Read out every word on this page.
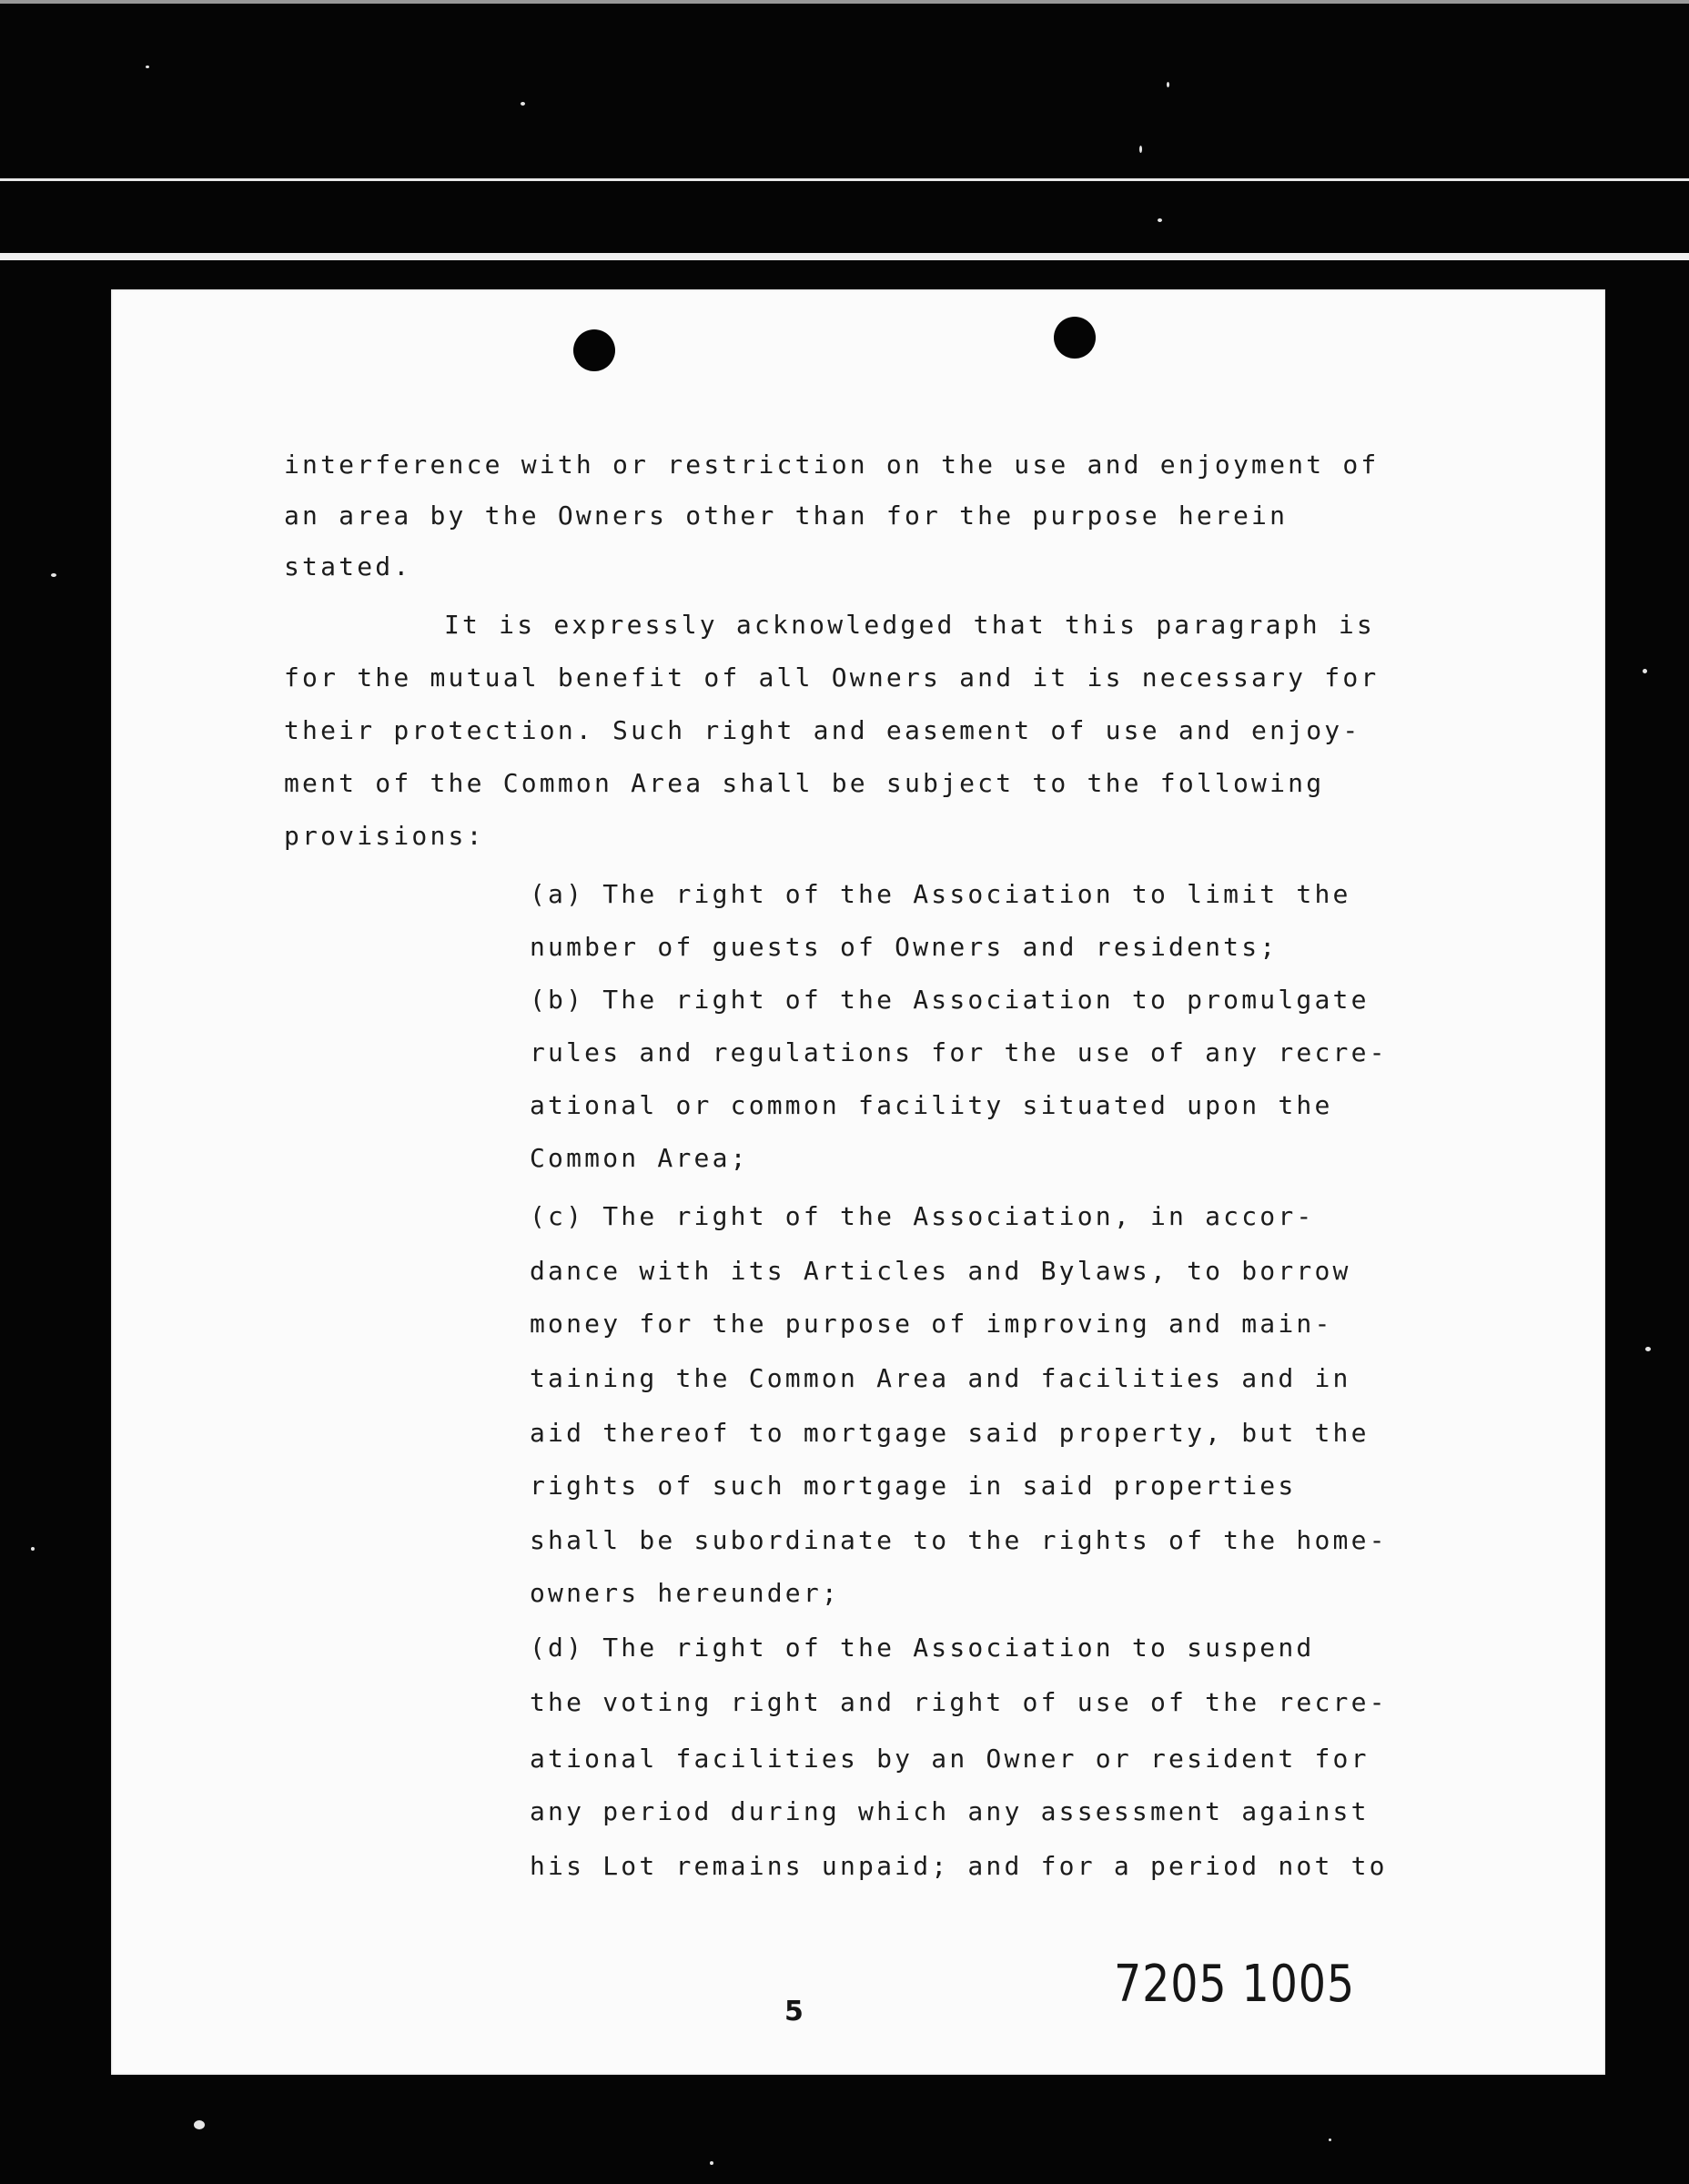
interference with or restriction on the use and enjoyment of

an area by the Owners other than for the purpose herein

stated.

It is expressly acknowledged that this paragraph is

for the mutual benefit of all Owners and it is necessary for

their protection. Such right and easement of use and enjoy-

ment of the Common Area shall be subject to the following

provisions:

(a) The right of the Association to limit the

number of guests of Owners and residents;

(b) The right of the Association to promulgate

rules and regulations for the use of any recre-

ational or common facility situated upon the

Common Area;

(c) The right of the Association, in accor-

dance with its Articles and Bylaws, to borrow

money for the purpose of improving and main-

taining the Common Area and facilities and in

aid thereof to mortgage said property, but the

rights of such mortgage in said properties

shall be subordinate to the rights of the home-

owners hereunder;

(d) The right of the Association to suspend

the voting right and right of use of the recre-

ational facilities by an Owner or resident for

any period during which any assessment against

his Lot remains unpaid; and for a period not to

7205 1005
5
